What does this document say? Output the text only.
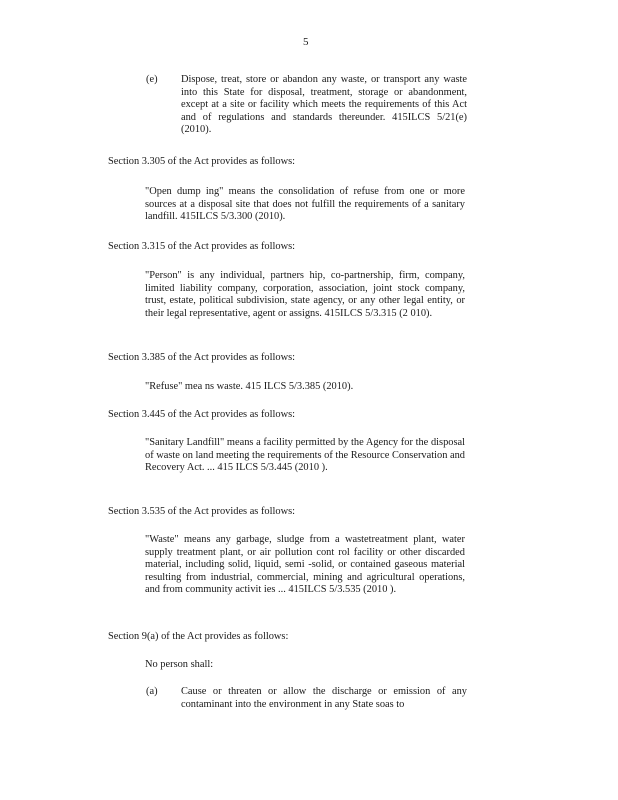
5
(e) Dispose, treat, store or abandon any waste, or transport any waste into this State for disposal, treatment, storage or abandonment, except at a site or facility which meets the requirements of this Act and of regulations and standards thereunder. 415ILCS 5/21(e) (2010).
Section 3.305 of the Act provides as follows:
"Open dump ing" means the consolidation of refuse from one or more sources at a disposal site that does not fulfill the requirements of a sanitary landfill. 415ILCS 5/3.300 (2010).
Section 3.315 of the Act provides as follows:
"Person" is any individual, partners hip, co-partnership, firm, company, limited liability company, corporation, association, joint stock company, trust, estate, political subdivision, state agency, or any other legal entity, or their legal representative, agent or assigns. 415ILCS 5/3.315 (2 010).
Section 3.385 of the Act provides as follows:
"Refuse" mea ns waste. 415 ILCS 5/3.385 (2010).
Section 3.445 of the Act provides as follows:
"Sanitary Landfill" means a facility permitted by the Agency for the disposal of waste on land meeting the requirements of the Resource Conservation and Recovery Act. ... 415 ILCS 5/3.445 (2010 ).
Section 3.535 of the Act provides as follows:
"Waste" means any garbage, sludge from a wastetreatment plant, water supply treatment plant, or air pollution cont rol facility or other discarded material, including solid, liquid, semi -solid, or contained gaseous material resulting from industrial, commercial, mining and agricultural operations, and from community activit ies ... 415ILCS 5/3.535 (2010 ).
Section 9(a) of the Act provides as follows:
No person shall:
(a) Cause or threaten or allow the discharge or emission of any contaminant into the environment in any State soas to
